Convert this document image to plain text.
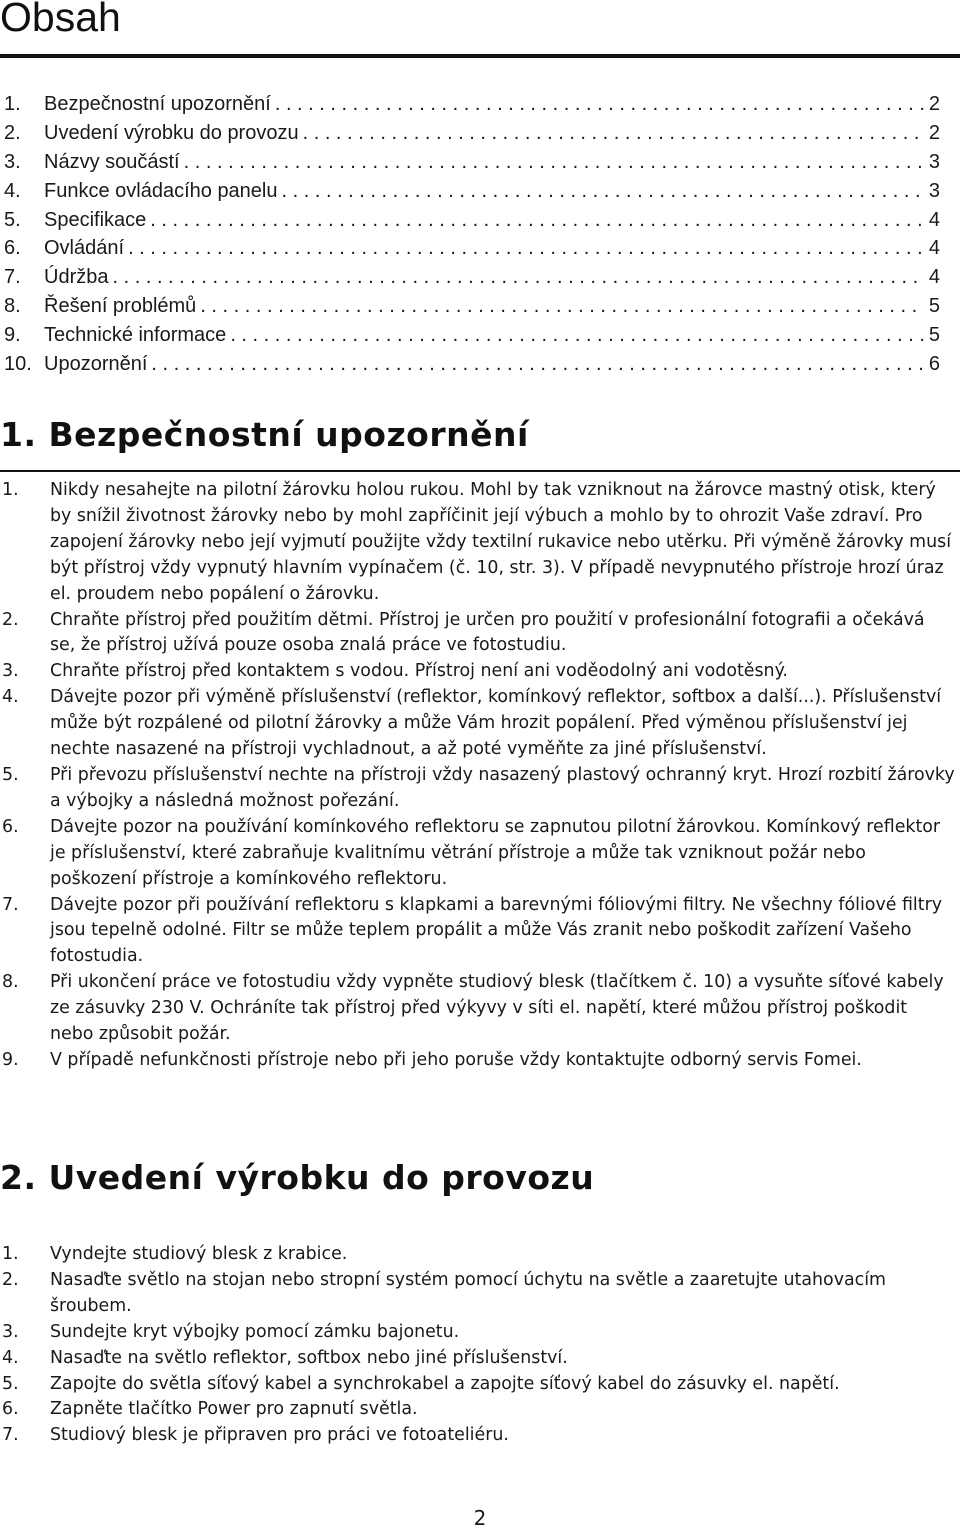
Obsah
1.	Bezpečnostní upozornění . . .	2
2.	Uvedení výrobku do provozu . . .	2
3.	Názvy součástí . . .	3
4.	Funkce ovládacího panelu . . .	3
5.	Specifikace . . .	4
6.	Ovládání . . .	4
7.	Údržba . . .	4
8.	Řešení problémů . . .	5
9.	Technické informace . . .	5
10. Upozornění . . .	6
1. Bezpečnostní upozornění
1.	Nikdy nesahejte na pilotní žárovku holou rukou. Mohl by tak vzniknout na žárovce mastný otisk, který by snížil životnost žárovky nebo by mohl zapříčinit její výbuch a mohlo by to ohrozit Vaše zdraví. Pro zapojení žárovky nebo její vyjmutí použijte vždy textilní rukavice nebo utěrku. Při výměně žárovky musí být přístroj vždy vypnutý hlavním vypínačem (č. 10, str. 3). V případě nevypnutého přístroje hrozí úraz el. proudem nebo popálení o žárovku.
2.	Chraňte přístroj před použitím dětmi. Přístroj je určen pro použití v profesionální fotografii a očekává se, že přístroj užívá pouze osoba znalá práce ve fotostudiu.
3.	Chraňte přístroj před kontaktem s vodou. Přístroj není ani voděodolný ani vodotěsný.
4.	Dávejte pozor při výměně příslušenství (reflektor, komínkový reflektor, softbox a další...). Příslušenství může být rozpálené od pilotní žárovky a může Vám hrozit popálení. Před výměnou příslušenství jej nechte nasazené na přístroji vychladnout, a až poté vyměňte za jiné příslušenství.
5.	Při převozu příslušenství nechte na přístroji vždy nasazený plastový ochranný kryt. Hrozí rozbití žárovky a výbojky a následná možnost pořezání.
6.	Dávejte pozor na používání komínkového reflektoru se zapnutou pilotní žárovkou. Komínkový reflektor je příslušenství, které zabraňuje kvalitnímu větrání přístroje a může tak vzniknout požár nebo poškození přístroje a komínkového reflektoru.
7.	Dávejte pozor při používání reflektoru s klapkami a barevnými fóliovými filtry. Ne všechny fóliové filtry jsou tepelně odolné. Filtr se může teplem propálit a může Vás zranit nebo poškodit zařízení Vašeho fotostudia.
8.	Při ukončení práce ve fotostudiu vždy vypněte studiový blesk (tlačítkem č. 10) a vysuňte síťové kabely ze zásuvky 230 V. Ochráníte tak přístroj před výkyvy v síti el. napětí, které můžou přístroj poškodit nebo způsobit požár.
9.	V případě nefunkčnosti přístroje nebo při jeho poruše vždy kontaktujte odborný servis Fomei.
2. Uvedení výrobku do provozu
1.	Vyndejte studiový blesk z krabice.
2.	Nasaďte světlo na stojan nebo stropní systém pomocí úchytu na světle a zaaretujte utahovacím šroubem.
3.	Sundejte kryt výbojky pomocí zámku bajonetu.
4.	Nasaďte na světlo reflektor, softbox nebo jiné příslušenství.
5.	Zapojte do světla síťový kabel a synchrokabel a zapojte síťový kabel do zásuvky el. napětí.
6.	Zapněte tlačítko Power pro zapnutí světla.
7.	Studiový blesk je připraven pro práci ve fotoateliéru.
2
